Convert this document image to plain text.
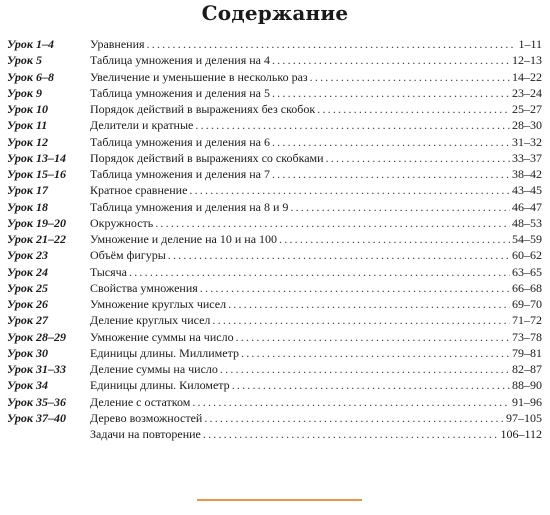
Содержание
Урок 1–4	Уравнения .....	1–11
Урок 5	Таблица умножения и деления на 4 .....	12–13
Урок 6–8	Увеличение и уменьшение в несколько раз .....	14–22
Урок 9	Таблица умножения и деления на 5 .....	23–24
Урок 10	Порядок действий в выражениях без скобок .....	25–27
Урок 11	Делители и кратные .....	28–30
Урок 12	Таблица умножения и деления на 6 .....	31–32
Урок 13–14 Порядок действий в выражениях со скобками .....	33–37
Урок 15–16 Таблица умножения и деления на 7 .....	38–42
Урок 17	Кратное сравнение .....	43–45
Урок 18	Таблица умножения и деления на 8 и 9 .....	46–47
Урок 19–20 Окружность .....	48–53
Урок 21–22 Умножение и деление на 10 и на 100 .....	54–59
Урок 23	Объём фигуры .....	60–62
Урок 24	Тысяча .....	63–65
Урок 25	Свойства умножения .....	66–68
Урок 26	Умножение круглых чисел .....	69–70
Урок 27	Деление круглых чисел .....	71–72
Урок 28–29 Умножение суммы на число .....	73–78
Урок 30	Единицы длины. Миллиметр .....	79–81
Урок 31–33 Деление суммы на число .....	82–87
Урок 34	Единицы длины. Километр .....	88–90
Урок 35–36 Деление с остатком .....	91–96
Урок 37–40 Дерево возможностей .....	97–105
Задачи на повторение .....	106–112
